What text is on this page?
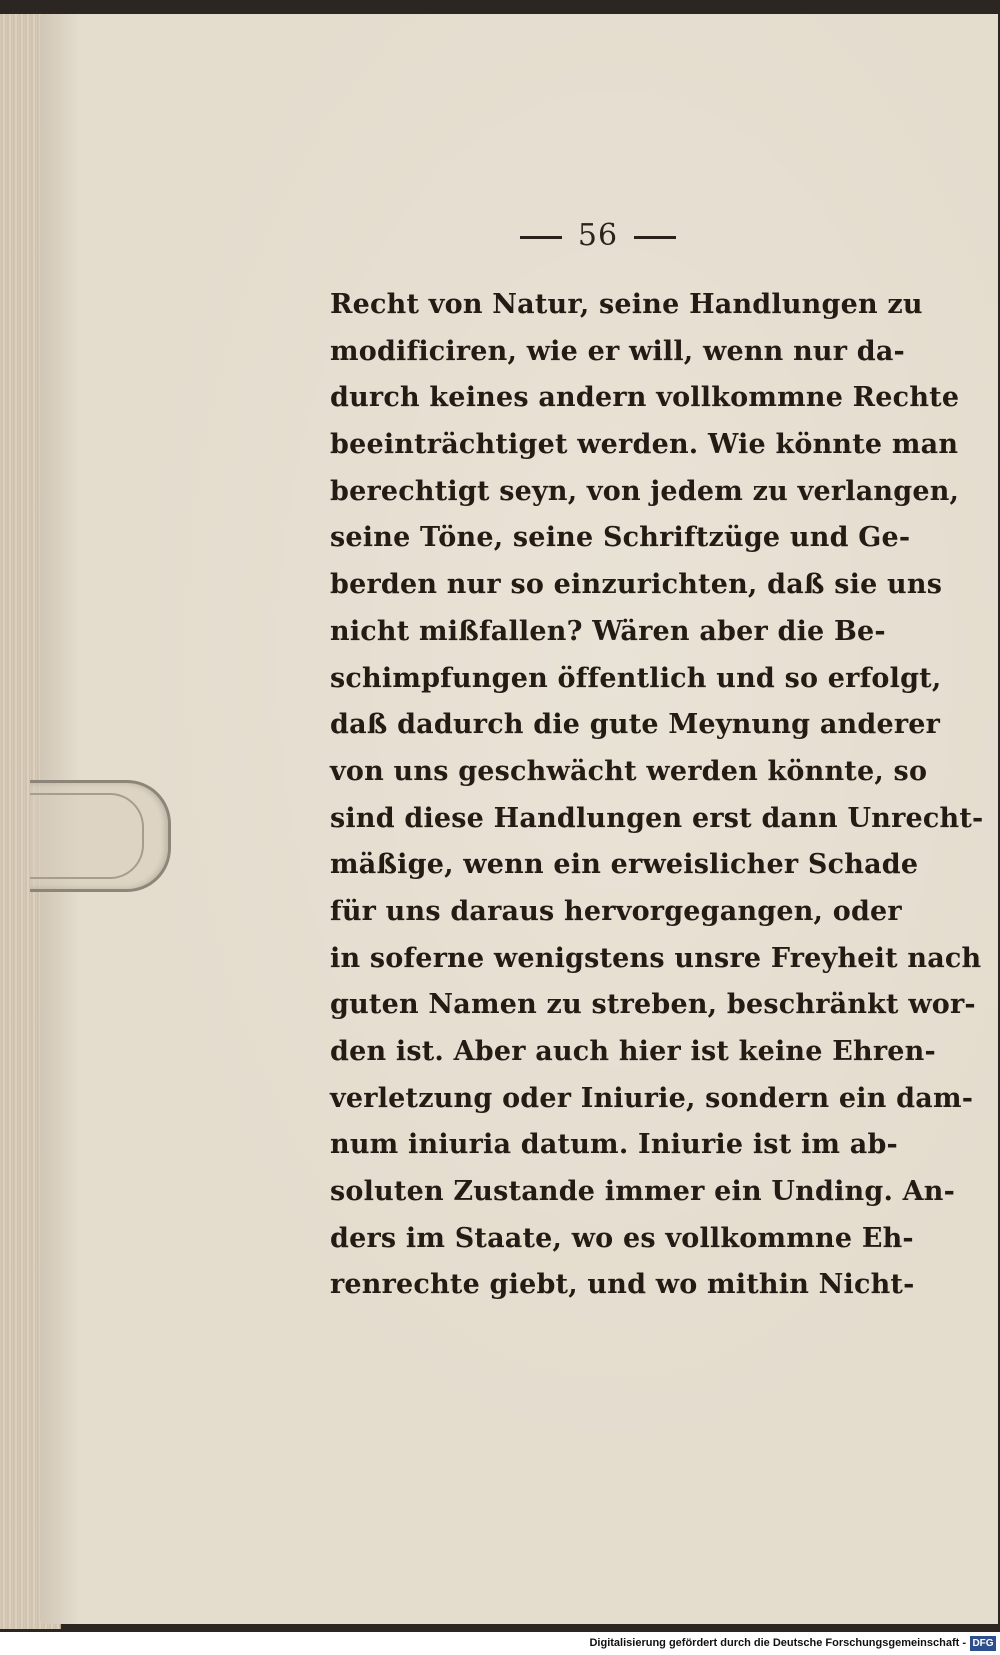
56
Recht von Natur, seine Handlungen zu
modificiren, wie er will, wenn nur da-
durch keines andern vollkommne Rechte
beeinträchtiget werden. Wie könnte man
berechtigt seyn, von jedem zu verlangen,
seine Töne, seine Schriftzüge und Ge-
berden nur so einzurichten, daß sie uns
nicht mißfallen? Wären aber die Be-
schimpfungen öffentlich und so erfolgt,
daß dadurch die gute Meynung anderer
von uns geschwächt werden könnte, so
sind diese Handlungen erst dann Unrecht-
mäßige, wenn ein erweislicher Schade
für uns daraus hervorgegangen, oder
in soferne wenigstens unsre Freyheit nach
guten Namen zu streben, beschränkt wor-
den ist. Aber auch hier ist keine Ehren-
verletzung oder Iniurie, sondern ein dam-
num iniuria datum. Iniurie ist im ab-
soluten Zustande immer ein Unding. An-
ders im Staate, wo es vollkommne Eh-
renrechte giebt, und wo mithin Nicht-
Digitalisierung gefördert durch die Deutsche Forschungsgemeinschaft - DFG
